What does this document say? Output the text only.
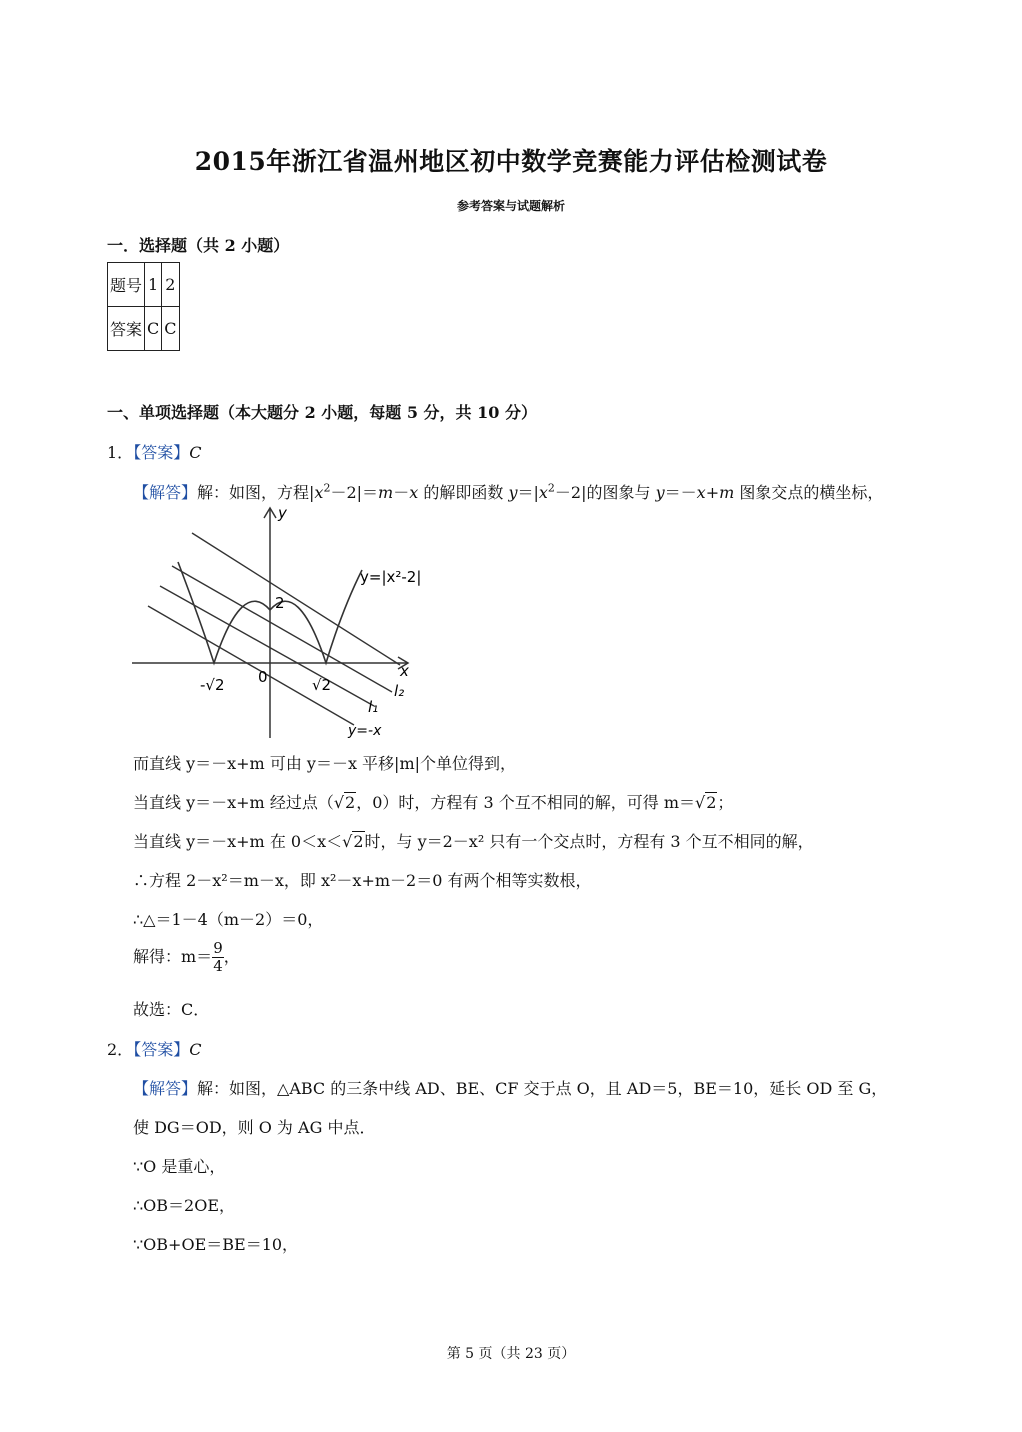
2015年浙江省温州地区初中数学竞赛能力评估检测试卷
参考答案与试题解析
一．选择题（共 2 小题）
题号	1	2
答案	C	C
一、单项选择题（本大题分 2 小题，每题 5 分，共 10 分）
1．【答案】C
【解答】解：如图，方程$|x^2-2|=m-x$ 的解即函数 $y=|x^2-2|$的图象与 y＝－x+m 图象交点的横坐标，
y
x
y=|x²-2|
2
-√2 0	√2	l₂
l₁
y=-x
而直线 y＝－x+m 可由 y＝－x 平移|m|个单位得到，
当直线 y＝－x+m 经过点（√2，0）时，方程有 3 个互不相同的解，可得 m＝√2；
当直线 y＝－x+m 在 0＜x＜√2时，与 y＝2－x² 只有一个交点时，方程有 3 个互不相同的解，
∴方程 2－x²＝m－x，即 x²－x+m－2＝0 有两个相等实数根，
∴△＝1－4（m－2）＝0，
解得：$m= \frac{9}{4}$ ，
故选：C．
2．【答案】C
【解答】解：如图，△ABC 的三条中线 AD、BE、CF 交于点 O，且 AD＝5，BE＝10，延长 OD 至 G，
使 DG＝OD，则 O 为 AG 中点．
∵O 是重心，
∴OB＝2OE，
∵OB+OE＝BE＝10，
第 5 页（共 23 页）
